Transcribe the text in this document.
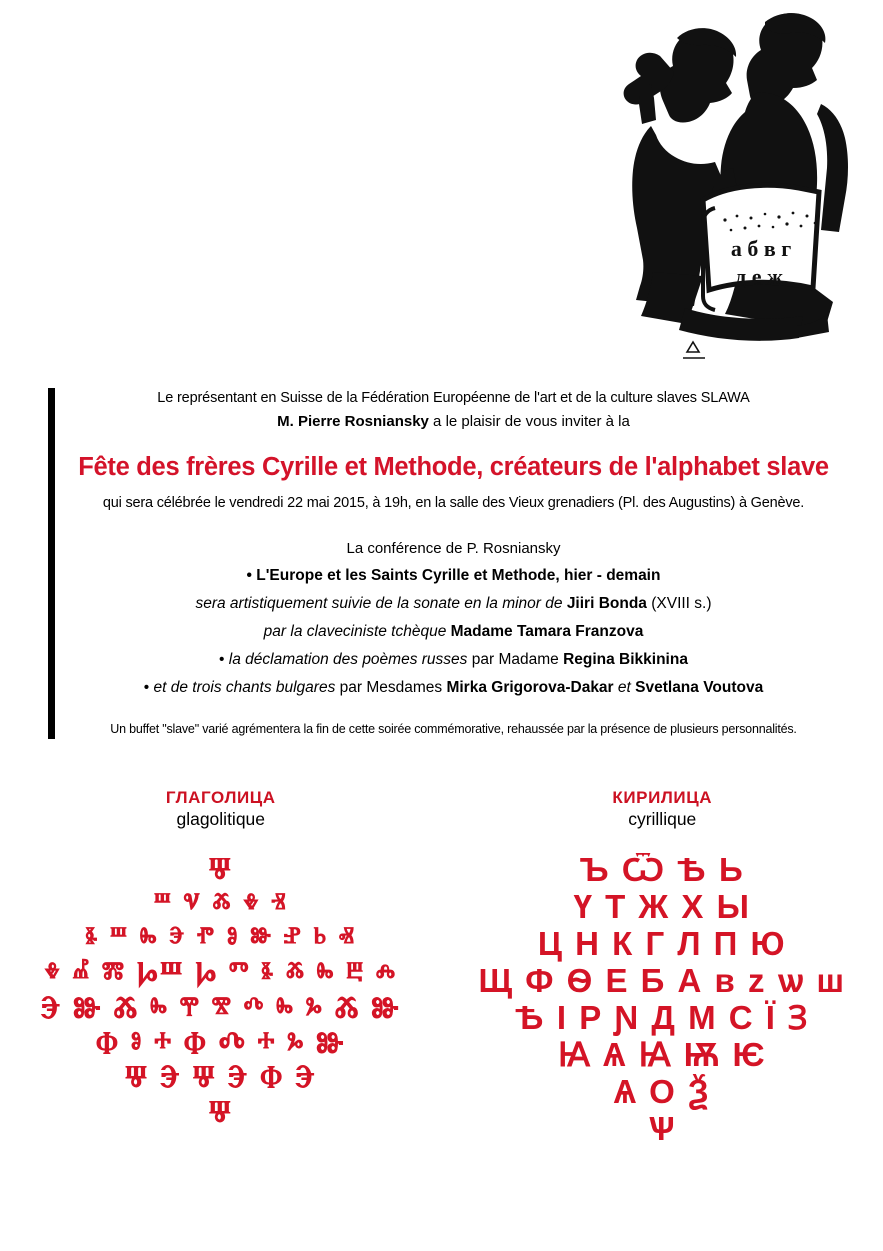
а б в г
д е ж
Le représentant en Suisse de la Fédération Européenne de l'art et de la culture slaves SLAWA
M. Pierre Rosniansky a le plaisir de vous inviter à la
Fête des frères Cyrille et Methode, créateurs de l'alphabet slave
qui sera célébrée le vendredi 22 mai 2015, à 19h, en la salle des Vieux grenadiers (Pl. des Augustins) à Genève.
La conférence de P. Rosniansky
• L'Europe et les Saints Cyrille et Methode, hier - demain
sera artistiquement suivie de la sonate en la minor de Jiiri Bonda (XVIII s.)
par la claveciniste tchèque Madame Tamara Franzova
• la déclamation des poèmes russes par Madame Regina Bikkinina
• et de trois chants bulgares par Mesdames Mirka Grigorova-Dakar et Svetlana Voutova
Un buffet "slave" varié agrémentera la fin de cette soirée commémorative, rehaussée par la présence de plusieurs personnalités.
ГЛАГОЛИЦА
glagolitique
Ⱋ
ⱎ ⱌ ⰶ ⰷ ⱐ
ⱛ ⱎ ⰸ ⰵ ⱂ ⱁ ⱆ ⱀ ⱃ ⱏ
ⰷ ⰼ ⰿ ⰘⰞ Ⱈ ⱅ ⱛ ⰶ ⰸ ⰱ ⰾ
Ⰵ Ⱆ Ⰶ ⰸ ⰹ ⰺ ⰴ ⰸ ⰳ Ⰶ Ⱆ
Ⱇ ⱁ ⰰ Ⱇ Ⰴ ⰰ ⰳ Ⱆ
Ⱋ Ⰵ Ⱋ Ⰵ Ⱇ Ⰵ
Ⱋ
КИРИЛИЦА
cyrillique
Ъ Ѿ Ѣ Ь
Ү Т Ж Х Ы
Ц Н К Г Л П Ю
Щ Ф Ѳ Е Б А в z ѡ ш
Ѣ І Р Ɲ Д М С Ї Ɜ
Ꙗ Ѧ Ꙗ Ѭ Ѥ
Ѧ О Ѯ
Ѱ
